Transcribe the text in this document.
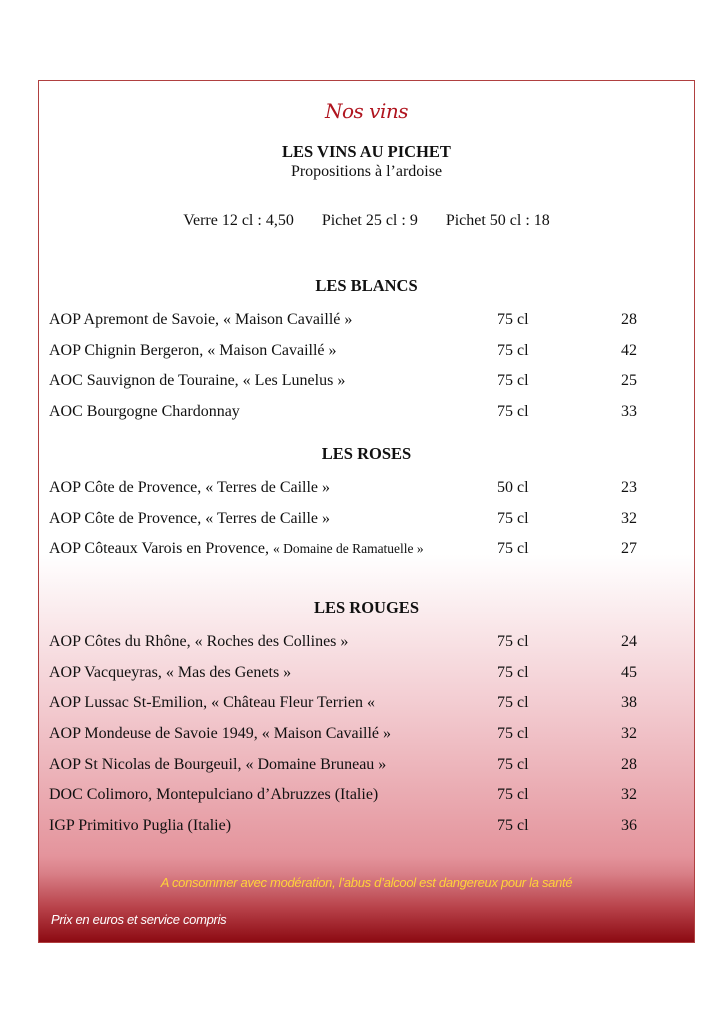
Nos vins
LES VINS AU PICHET
Propositions à l’ardoise
Verre 12 cl : 4,50 Pichet 25 cl : 9 Pichet 50 cl : 18
LES BLANCS
AOP Apremont de Savoie, « Maison Cavaillé »	75 cl	28
AOP Chignin Bergeron, « Maison Cavaillé »	75 cl	42
AOC Sauvignon de Touraine, « Les Lunelus »	75 cl	25
AOC Bourgogne Chardonnay	75 cl	33
LES ROSES
AOP Côte de Provence, « Terres de Caille »	50 cl	23
AOP Côte de Provence, « Terres de Caille »	75 cl	32
AOP Côteaux Varois en Provence, « Domaine de Ramatuelle »	75 cl	27
LES ROUGES
AOP Côtes du Rhône, « Roches des Collines »	75 cl	24
AOP Vacqueyras, « Mas des Genets »	75 cl	45
AOP Lussac St-Emilion, « Château Fleur Terrien «	75 cl	38
AOP Mondeuse de Savoie 1949, « Maison Cavaillé »	75 cl	32
AOP St Nicolas de Bourgeuil, « Domaine Bruneau »	75 cl	28
DOC Colimoro, Montepulciano d’Abruzzes (Italie)	75 cl	32
IGP Primitivo Puglia (Italie)	75 cl	36
A consommer avec modération, l’abus d’alcool est dangereux pour la santé
Prix en euros et service compris
